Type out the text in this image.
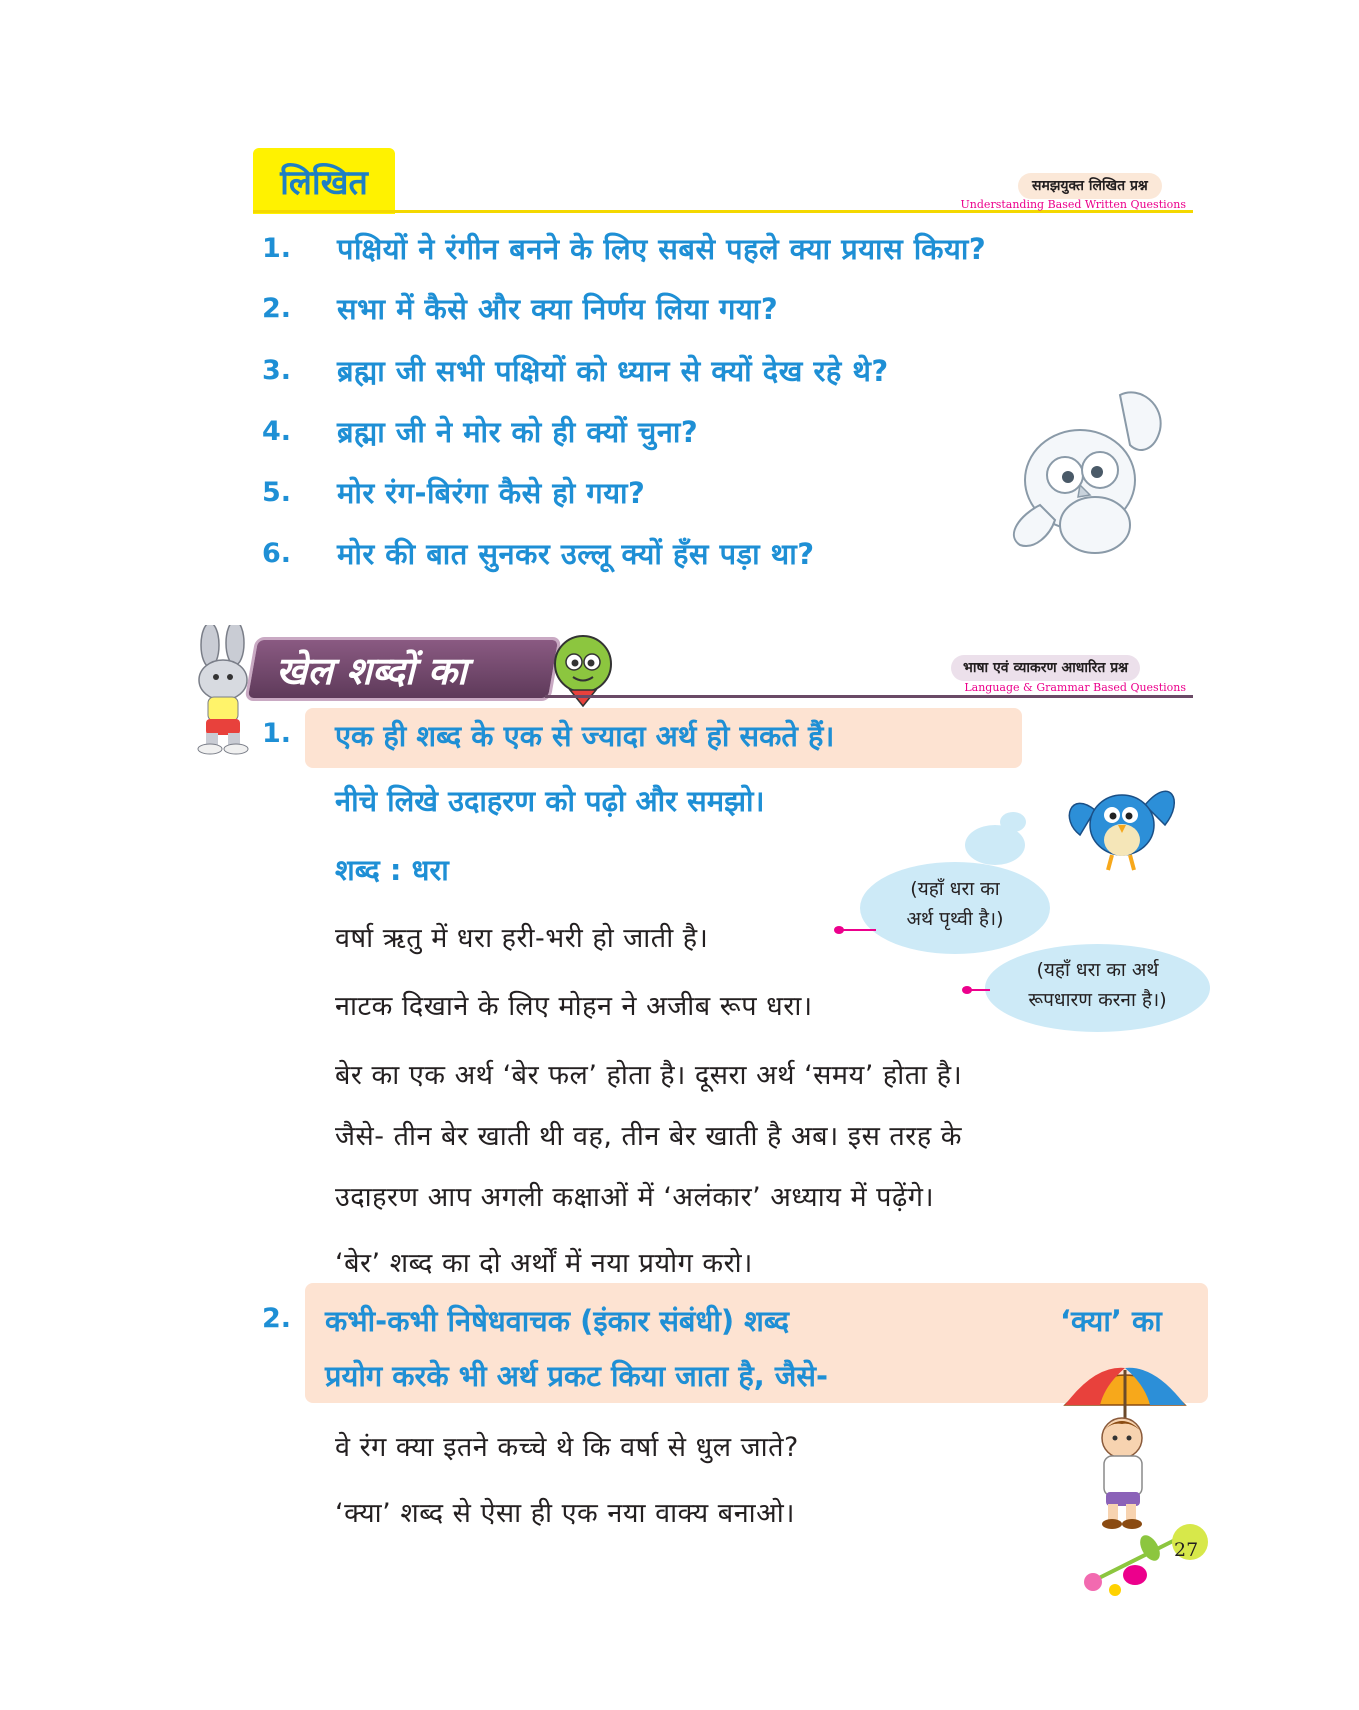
लिखित	समझयुक्त लिखित प्रश्न
Understanding Based Written Questions
1.	पक्षियों ने रंगीन बनने के लिए सबसे पहले क्या प्रयास किया?
2.	सभा में कैसे और क्या निर्णय लिया गया?
3.	ब्रह्मा जी सभी पक्षियों को ध्यान से क्यों देख रहे थे?
4.	ब्रह्मा जी ने मोर को ही क्यों चुना?
5.	मोर रंग-बिरंगा कैसे हो गया?
6.	मोर की बात सुनकर उल्लू क्यों हँस पड़ा था?
खेल शब्दों का	भाषा एवं व्याकरण आधारित प्रश्न
Language & Grammar Based Questions
1. एक ही शब्द के एक से ज्यादा अर्थ हो सकते हैं।
नीचे लिखे उदाहरण को पढ़ो और समझो।
शब्द : धरा
(यहाँ धरा का
अर्थ पृथ्वी है।)
वर्षा ऋतु में धरा हरी-भरी हो जाती है।
(यहाँ धरा का अर्थ
रूपधारण करना है।)
नाटक दिखाने के लिए मोहन ने अजीब रूप धरा।
बेर का एक अर्थ ‘बेर फल’ होता है। दूसरा अर्थ ‘समय’ होता है।
जैसे- तीन बेर खाती थी वह, तीन बेर खाती है अब। इस तरह के
उदाहरण आप अगली कक्षाओं में ‘अलंकार’ अध्याय में पढ़ेंगे।
‘बेर’ शब्द का दो अर्थों में नया प्रयोग करो।
2. कभी-कभी निषेधवाचक (इंकार संबंधी) शब्द	‘क्या’ का
प्रयोग करके भी अर्थ प्रकट किया जाता है, जैसे-
वे रंग क्या इतने कच्चे थे कि वर्षा से धुल जाते?
‘क्या’ शब्द से ऐसा ही एक नया वाक्य बनाओ।
27
